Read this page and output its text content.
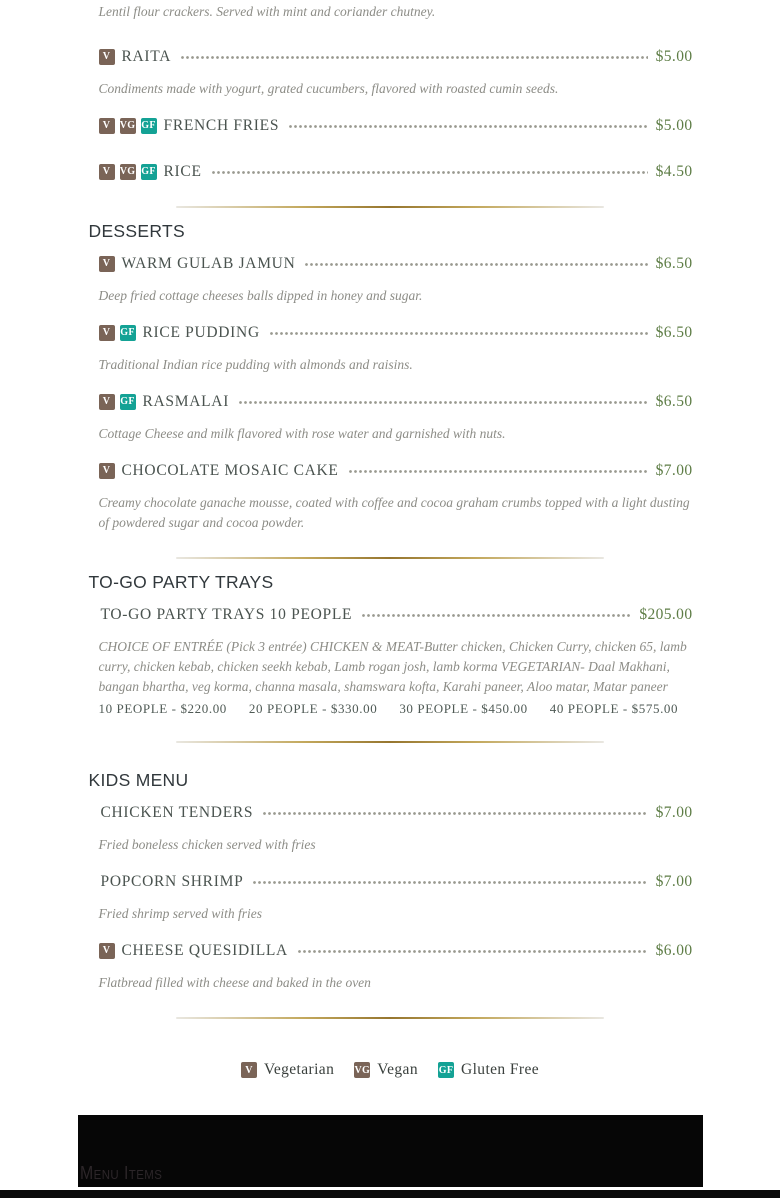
Lentil flour crackers. Served with mint and coriander chutney.

V RAITA	$5.00

Condiments made with yogurt, grated cucumbers, flavored with roasted cumin seeds.

V VG GF FRENCH FRIES	$5.00
V VG GF RICE	$4.50
DESSERTS
V WARM GULAB JAMUN	$6.50

Deep fried cottage cheeses balls dipped in honey and sugar.

V GF RICE PUDDING	$6.50

Traditional Indian rice pudding with almonds and raisins.

V GF RASMALAI	$6.50

Cottage Cheese and milk flavored with rose water and garnished with nuts.

V CHOCOLATE MOSAIC CAKE	$7.00

Creamy chocolate ganache mousse, coated with coffee and cocoa graham crumbs topped with a light dusting of powdered sugar and cocoa powder.

TO-GO PARTY TRAYS
TO-GO PARTY TRAYS 10 PEOPLE	$205.00

CHOICE OF ENTRÉE (Pick 3 entrée) CHICKEN & MEAT-Butter chicken, Chicken Curry, chicken 65, lamb curry, chicken kebab, chicken seekh kebab, Lamb rogan josh, lamb korma VEGETARIAN- Daal Makhani, bangan bhartha, veg korma, channa masala, shamswara kofta, Karahi paneer, Aloo matar, Matar paneer

10 PEOPLE - $220.00 20 PEOPLE - $330.00 30 PEOPLE - $450.00 40 PEOPLE - $575.00
KIDS MENU
CHICKEN TENDERS	$7.00

Fried boneless chicken served with fries

POPCORN SHRIMP	$7.00

Fried shrimp served with fries

V CHEESE QUESIDILLA	$6.00

Flatbread filled with cheese and baked in the oven

V Vegetarian VG Vegan GF Gluten Free
Menu Items
